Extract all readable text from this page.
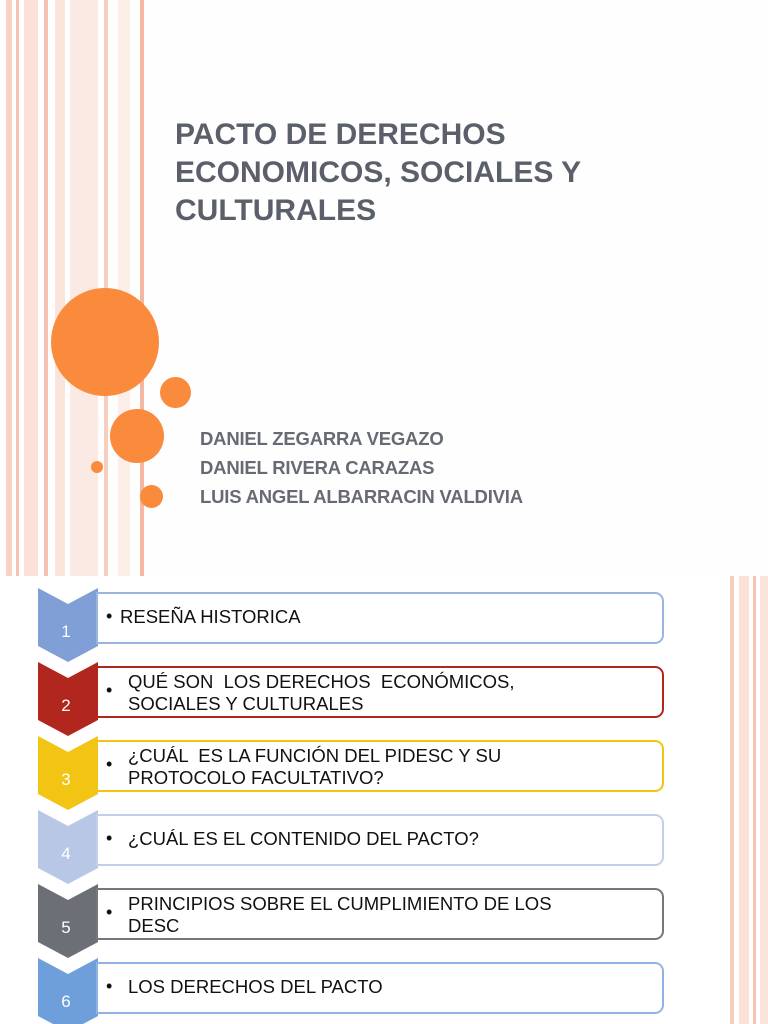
PACTO DE DERECHOS
ECONOMICOS, SOCIALES Y
CULTURALES
DANIEL ZEGARRA VEGAZO
DANIEL RIVERA CARAZAS
LUIS ANGEL ALBARRACIN VALDIVIA
1
• RESEÑA HISTORICA
2
• QUÉ SON  LOS DERECHOS  ECONÓMICOS,
SOCIALES Y CULTURALES
3
• ¿CUÁL  ES LA FUNCIÓN DEL PIDESC Y SU
PROTOCOLO FACULTATIVO?
4
• ¿CUÁL ES EL CONTENIDO DEL PACTO?
5
• PRINCIPIOS SOBRE EL CUMPLIMIENTO DE LOS
DESC
6
• LOS DERECHOS DEL PACTO
